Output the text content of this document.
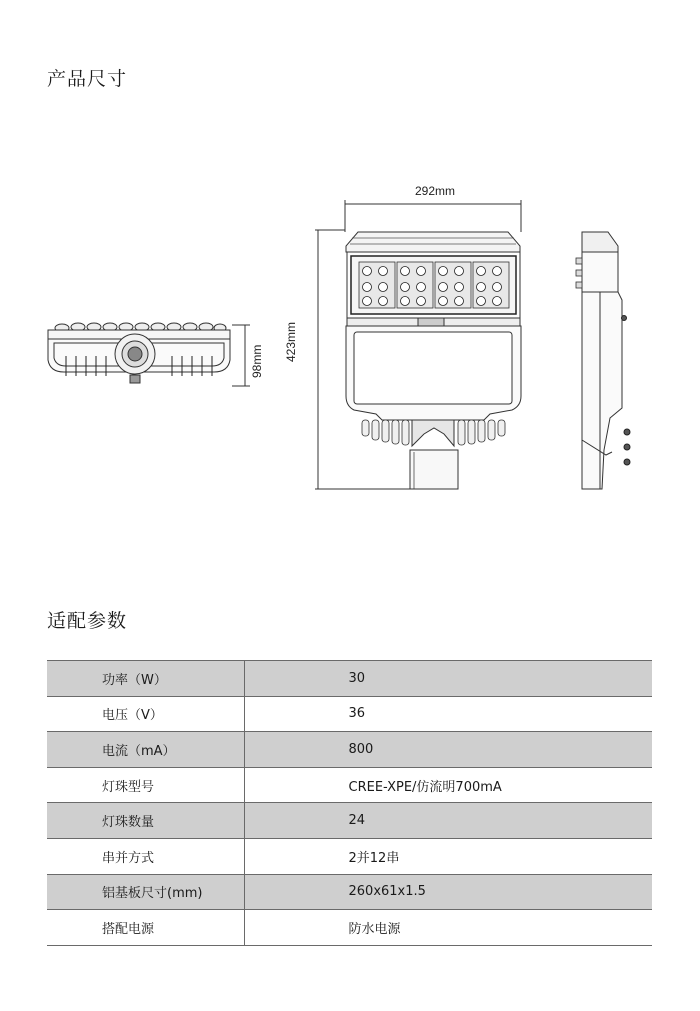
产品尺寸
292mm
423mm
98mm
适配参数
功率（W）	30
电压（V）	36
电流（mA）	800
灯珠型号	CREE-XPE/仿流明700mA
灯珠数量	24
串并方式	2并12串
铝基板尺寸(mm)	260x61x1.5
搭配电源	防水电源
